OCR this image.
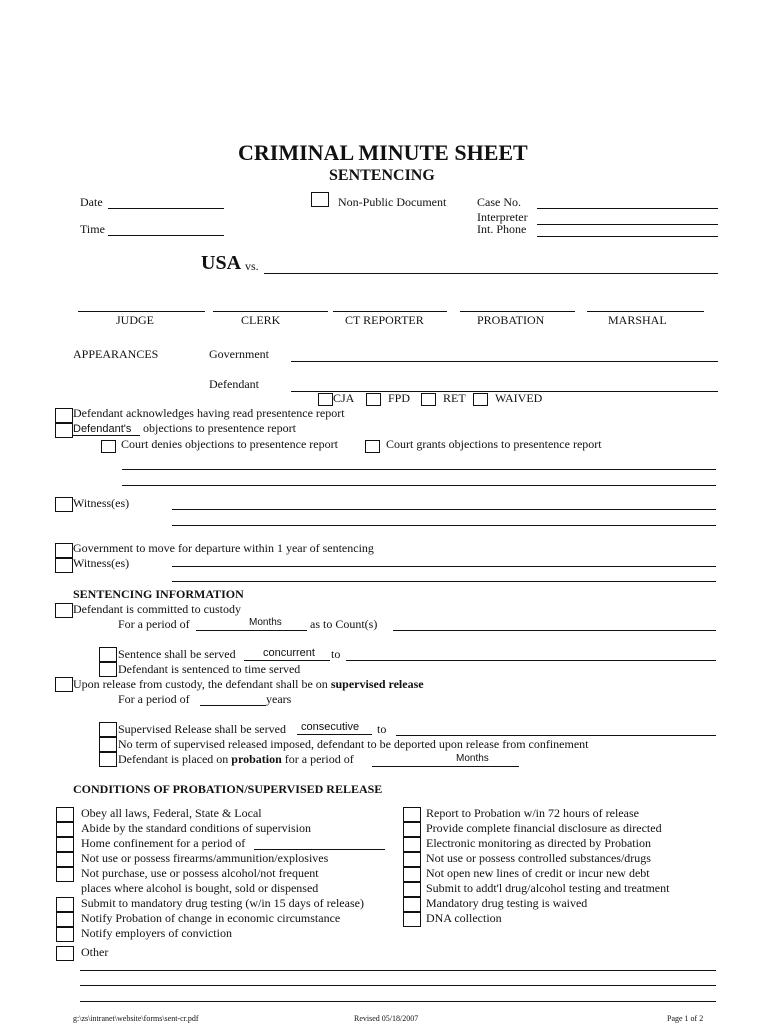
CRIMINAL MINUTE SHEET
SENTENCING
Date
Time
Non-Public Document	Case No.
Interpreter
Int. Phone
USA vs.
JUDGE	CLERK	CT REPORTER	PROBATION	MARSHAL
APPEARANCES	Government
Defendant
CJA	FPD	RET WAIVED
Defendant acknowledges having read presentence report
Defendant's objections to presentence report
Court denies objections to presentence report	Court grants objections to presentence report
Witness(es)
Government to move for departure within 1 year of sentencing
Witness(es)
SENTENCING INFORMATION
Defendant is committed to custody
For a period of	Months as to Count(s)
Sentence shall be served concurrent to
Defendant is sentenced to time served
Upon release from custody, the defendant shall be on supervised release
For a period of	years
Supervised Release shall be served consecutive to
No term of supervised released imposed, defendant to be deported upon release from confinement
Defendant is placed on probation for a period of	Months
CONDITIONS OF PROBATION/SUPERVISED RELEASE
Obey all laws, Federal, State & Local
Abide by the standard conditions of supervision
Home confinement for a period of
Not use or possess firearms/ammunition/explosives
Not purchase, use or possess alcohol/not frequent
places where alcohol is bought, sold or dispensed
Submit to mandatory drug testing (w/in 15 days of release)
Notify Probation of change in economic circumstance
Notify employers of conviction
Other
Report to Probation w/in 72 hours of release
Provide complete financial disclosure as directed
Electronic monitoring as directed by Probation
Not use or possess controlled substances/drugs
Not open new lines of credit or incur new debt
Submit to addt'l drug/alcohol testing and treatment
Mandatory drug testing is waived
DNA collection
g:\zs\intranet\website\forms\sent-cr.pdf	Revised 05/18/2007	Page 1 of 2
